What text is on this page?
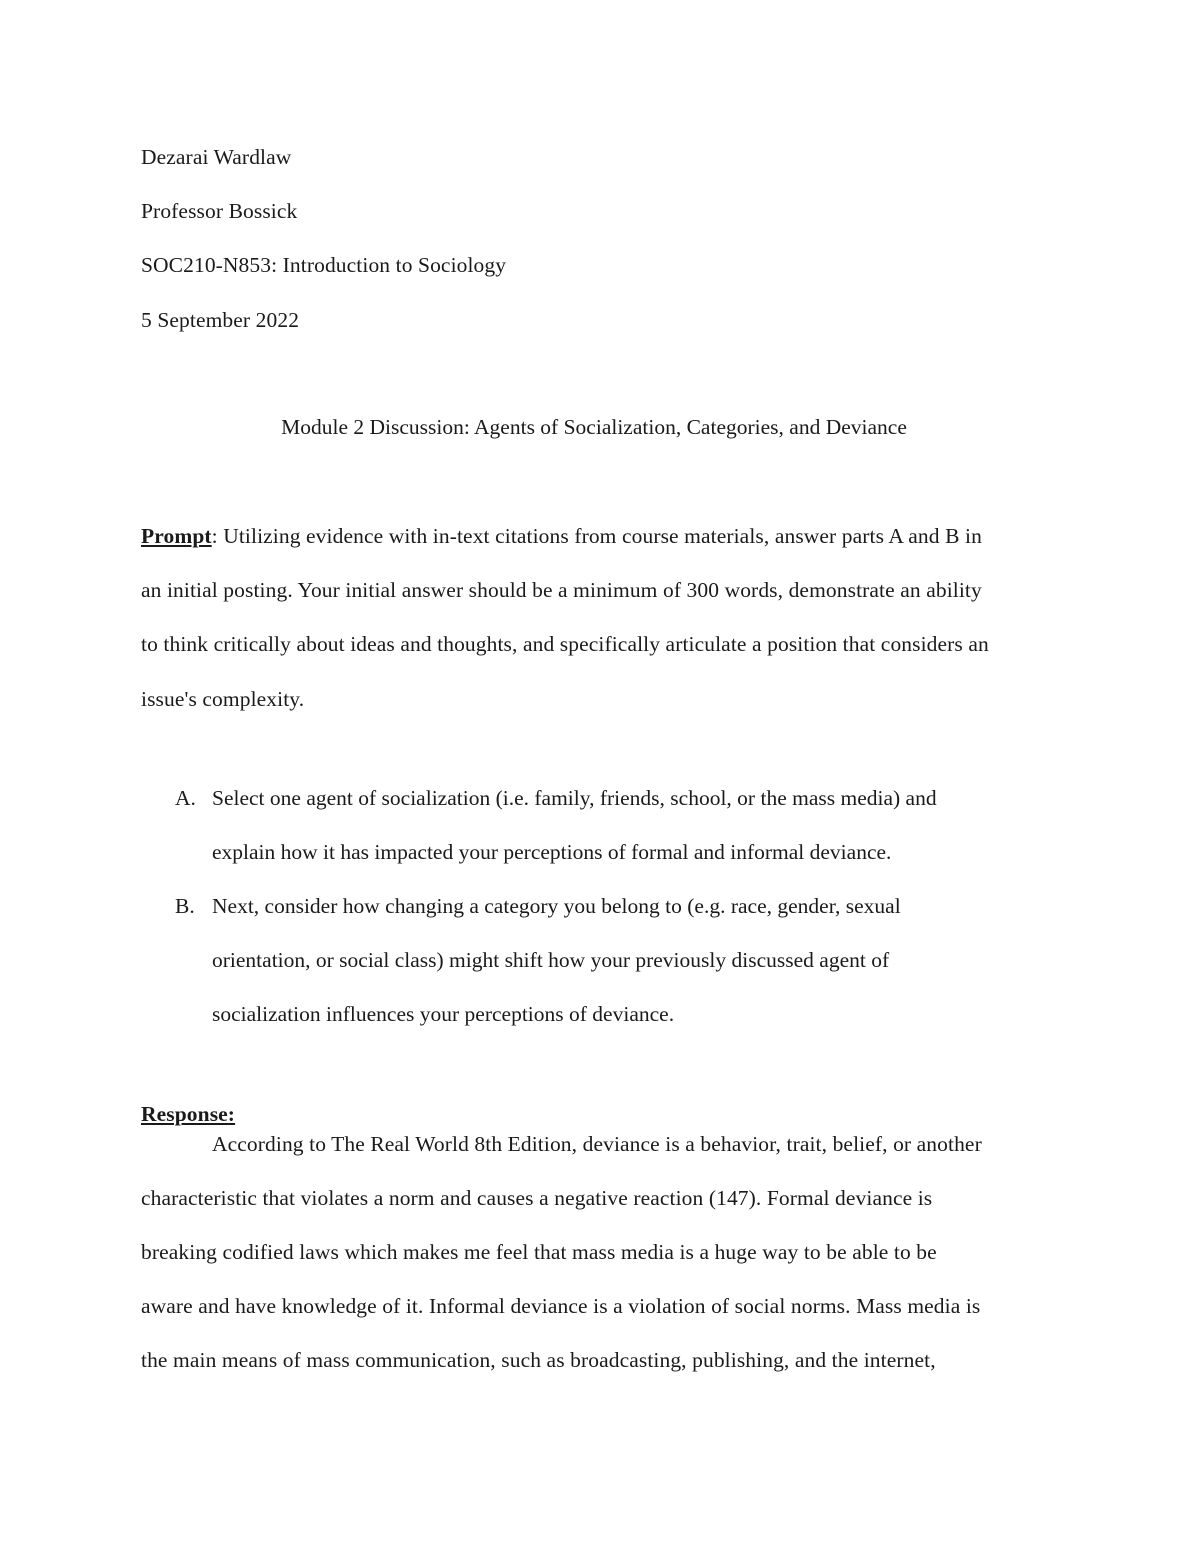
Dezarai Wardlaw
Professor Bossick
SOC210-N853: Introduction to Sociology
5 September 2022
Module 2 Discussion: Agents of Socialization, Categories, and Deviance
Prompt: Utilizing evidence with in-text citations from course materials, answer parts A and B in
an initial posting. Your initial answer should be a minimum of 300 words, demonstrate an ability
to think critically about ideas and thoughts, and specifically articulate a position that considers an
issue's complexity.
A. Select one agent of socialization (i.e. family, friends, school, or the mass media) and
explain how it has impacted your perceptions of formal and informal deviance.
B. Next, consider how changing a category you belong to (e.g. race, gender, sexual
orientation, or social class) might shift how your previously discussed agent of
socialization influences your perceptions of deviance.
Response:
According to The Real World 8th Edition, deviance is a behavior, trait, belief, or another
characteristic that violates a norm and causes a negative reaction (147). Formal deviance is
breaking codified laws which makes me feel that mass media is a huge way to be able to be
aware and have knowledge of it. Informal deviance is a violation of social norms. Mass media is
the main means of mass communication, such as broadcasting, publishing, and the internet,
